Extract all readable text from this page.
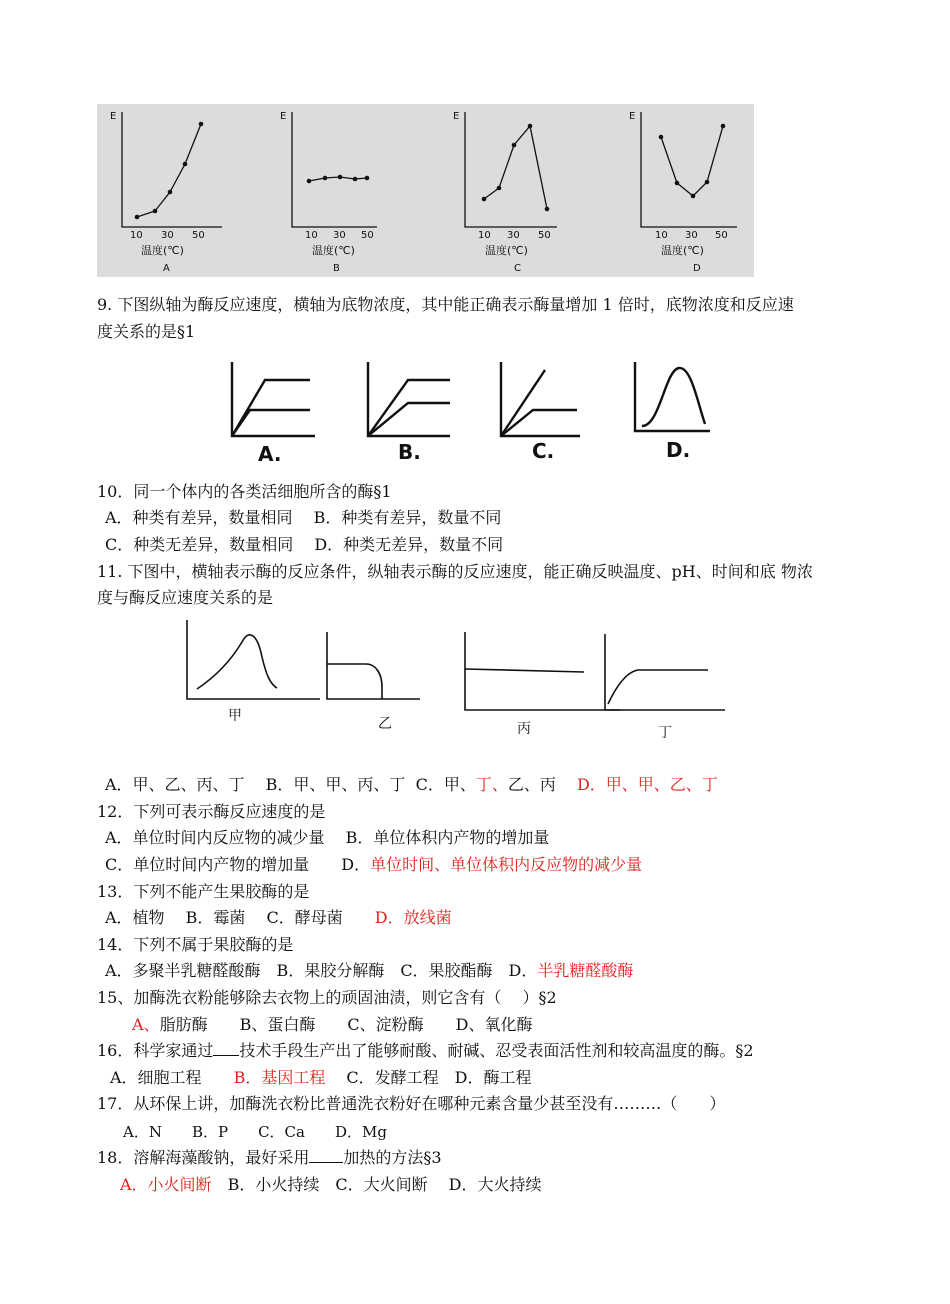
E	E	E	E
10 30 50	10 30 50	10 30 50	10 30 50
温度(℃)	温度(℃)	温度(℃)	温度(℃)
A	B	C	D
9. 下图纵轴为酶反应速度，横轴为底物浓度，其中能正确表示酶量增加 1 倍时，底物浓度和反应速
度关系的是§1
A.	B.	C.	D.
10．同一个体内的各类活细胞所含的酶§1
A．种类有差异，数量相同　 B．种类有差异，数量不同
C．种类无差异，数量相同　 D．种类无差异，数量不同
11. 下图中，横轴表示酶的反应条件，纵轴表示酶的反应速度，能正确反映温度、pH、时间和底 物浓
度与酶反应速度关系的是
甲	乙	丙	丁
A．甲、乙、丙、丁　 B．甲、甲、丙、丁 C．甲、丁、乙、丙　 D．甲、甲、乙、丁
12．下列可表示酶反应速度的是
A．单位时间内反应物的减少量　 B．单位体积内产物的增加量
C．单位时间内产物的增加量　　D．单位时间、单位体积内反应物的减少量
13．下列不能产生果胶酶的是
A．植物　 B．霉菌　 C．酵母菌　　D．放线菌
14．下列不属于果胶酶的是
A．多聚半乳糖醛酸酶　B．果胶分解酶　C．果胶酯酶　D．半乳糖醛酸酶
15、加酶洗衣粉能够除去衣物上的顽固油渍，则它含有（　 ）§2
A、脂肪酶　　 B、蛋白酶　　 C、淀粉酶　　 D、氧化酶
16．科学家通过 技术手段生产出了能够耐酸、耐碱、忍受表面活性剂和较高温度的酶。§2
A．细胞工程　　B．基因工程　 C．发酵工程　D．酶工程
17．从环保上讲，加酶洗衣粉比普通洗衣粉好在哪种元素含量少甚至没有………（　　）
A．N　　B．P　　C．Ca　　D．Mg
18．溶解海藻酸钠，最好采用 加热的方法§3
A．小火间断　B．小火持续　C．大火间断　 D．大火持续
